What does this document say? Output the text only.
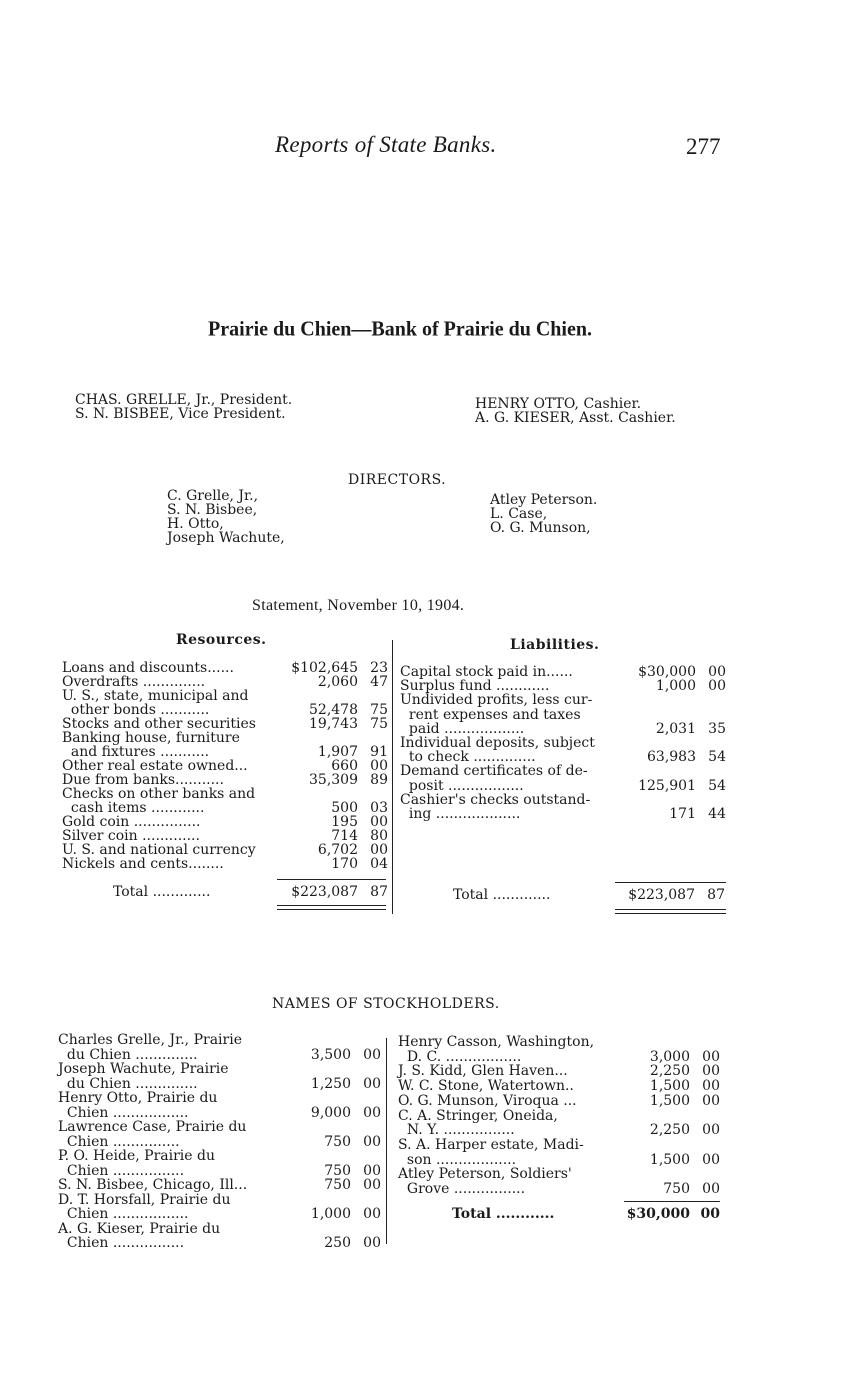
Reports of State Banks.	277
Prairie du Chien—Bank of Prairie du Chien.
CHAS. GRELLE, Jr., President.
S. N. BISBEE, Vice President.
HENRY OTTO, Cashier.
A. G. KIESER, Asst. Cashier.
DIRECTORS.
C. Grelle, Jr.,
S. N. Bisbee,
H. Otto,
Joseph Wachute,
Atley Peterson.
L. Case,
O. G. Munson,
Statement, November 10, 1904.
Resources.	Liabilities.
Loans and discounts......	$102,645 23
Overdrafts ..............	2,060 47
U. S., state, municipal and
other bonds ...........	52,478 75
Stocks and other securities	19,743 75
Banking house, furniture
and fixtures ...........	1,907 91
Other real estate owned...	660 00
Due from banks...........	35,309 89
Checks on other banks and
cash items ............	500 03
Gold coin ...............	195 00
Silver coin .............	714 80
U. S. and national currency	6,702 00
Nickels and cents........	170 04
Capital stock paid in......	$30,000 00
Surplus fund ............	1,000 00
Undivided profits, less cur-
rent expenses and taxes
paid ..................	2,031 35
Individual deposits, subject
to check ..............	63,983 54
Demand certificates of de-
posit .................	125,901 54
Cashier's checks outstand-
ing ...................	171 44
Total .............	$223,087 87	Total .............	$223,087 87
NAMES OF STOCKHOLDERS.
Charles Grelle, Jr., Prairie
du Chien ..............	3,500 00
Joseph Wachute, Prairie
du Chien ..............	1,250 00
Henry Otto, Prairie du
Chien .................	9,000 00
Lawrence Case, Prairie du
Chien ...............	750 00
P. O. Heide, Prairie du
Chien ................	750 00
S. N. Bisbee, Chicago, Ill...	750 00
D. T. Horsfall, Prairie du
Chien .................	1,000 00
A. G. Kieser, Prairie du
Chien ................	250 00
Henry Casson, Washington,
D. C. .................	3,000 00
J. S. Kidd, Glen Haven...	2,250 00
W. C. Stone, Watertown..	1,500 00
O. G. Munson, Viroqua ...	1,500 00
C. A. Stringer, Oneida,
N. Y. ................	2,250 00
S. A. Harper estate, Madi-
son ..................	1,500 00
Atley Peterson, Soldiers'
Grove ................	750 00
Total ............	$30,000 00
